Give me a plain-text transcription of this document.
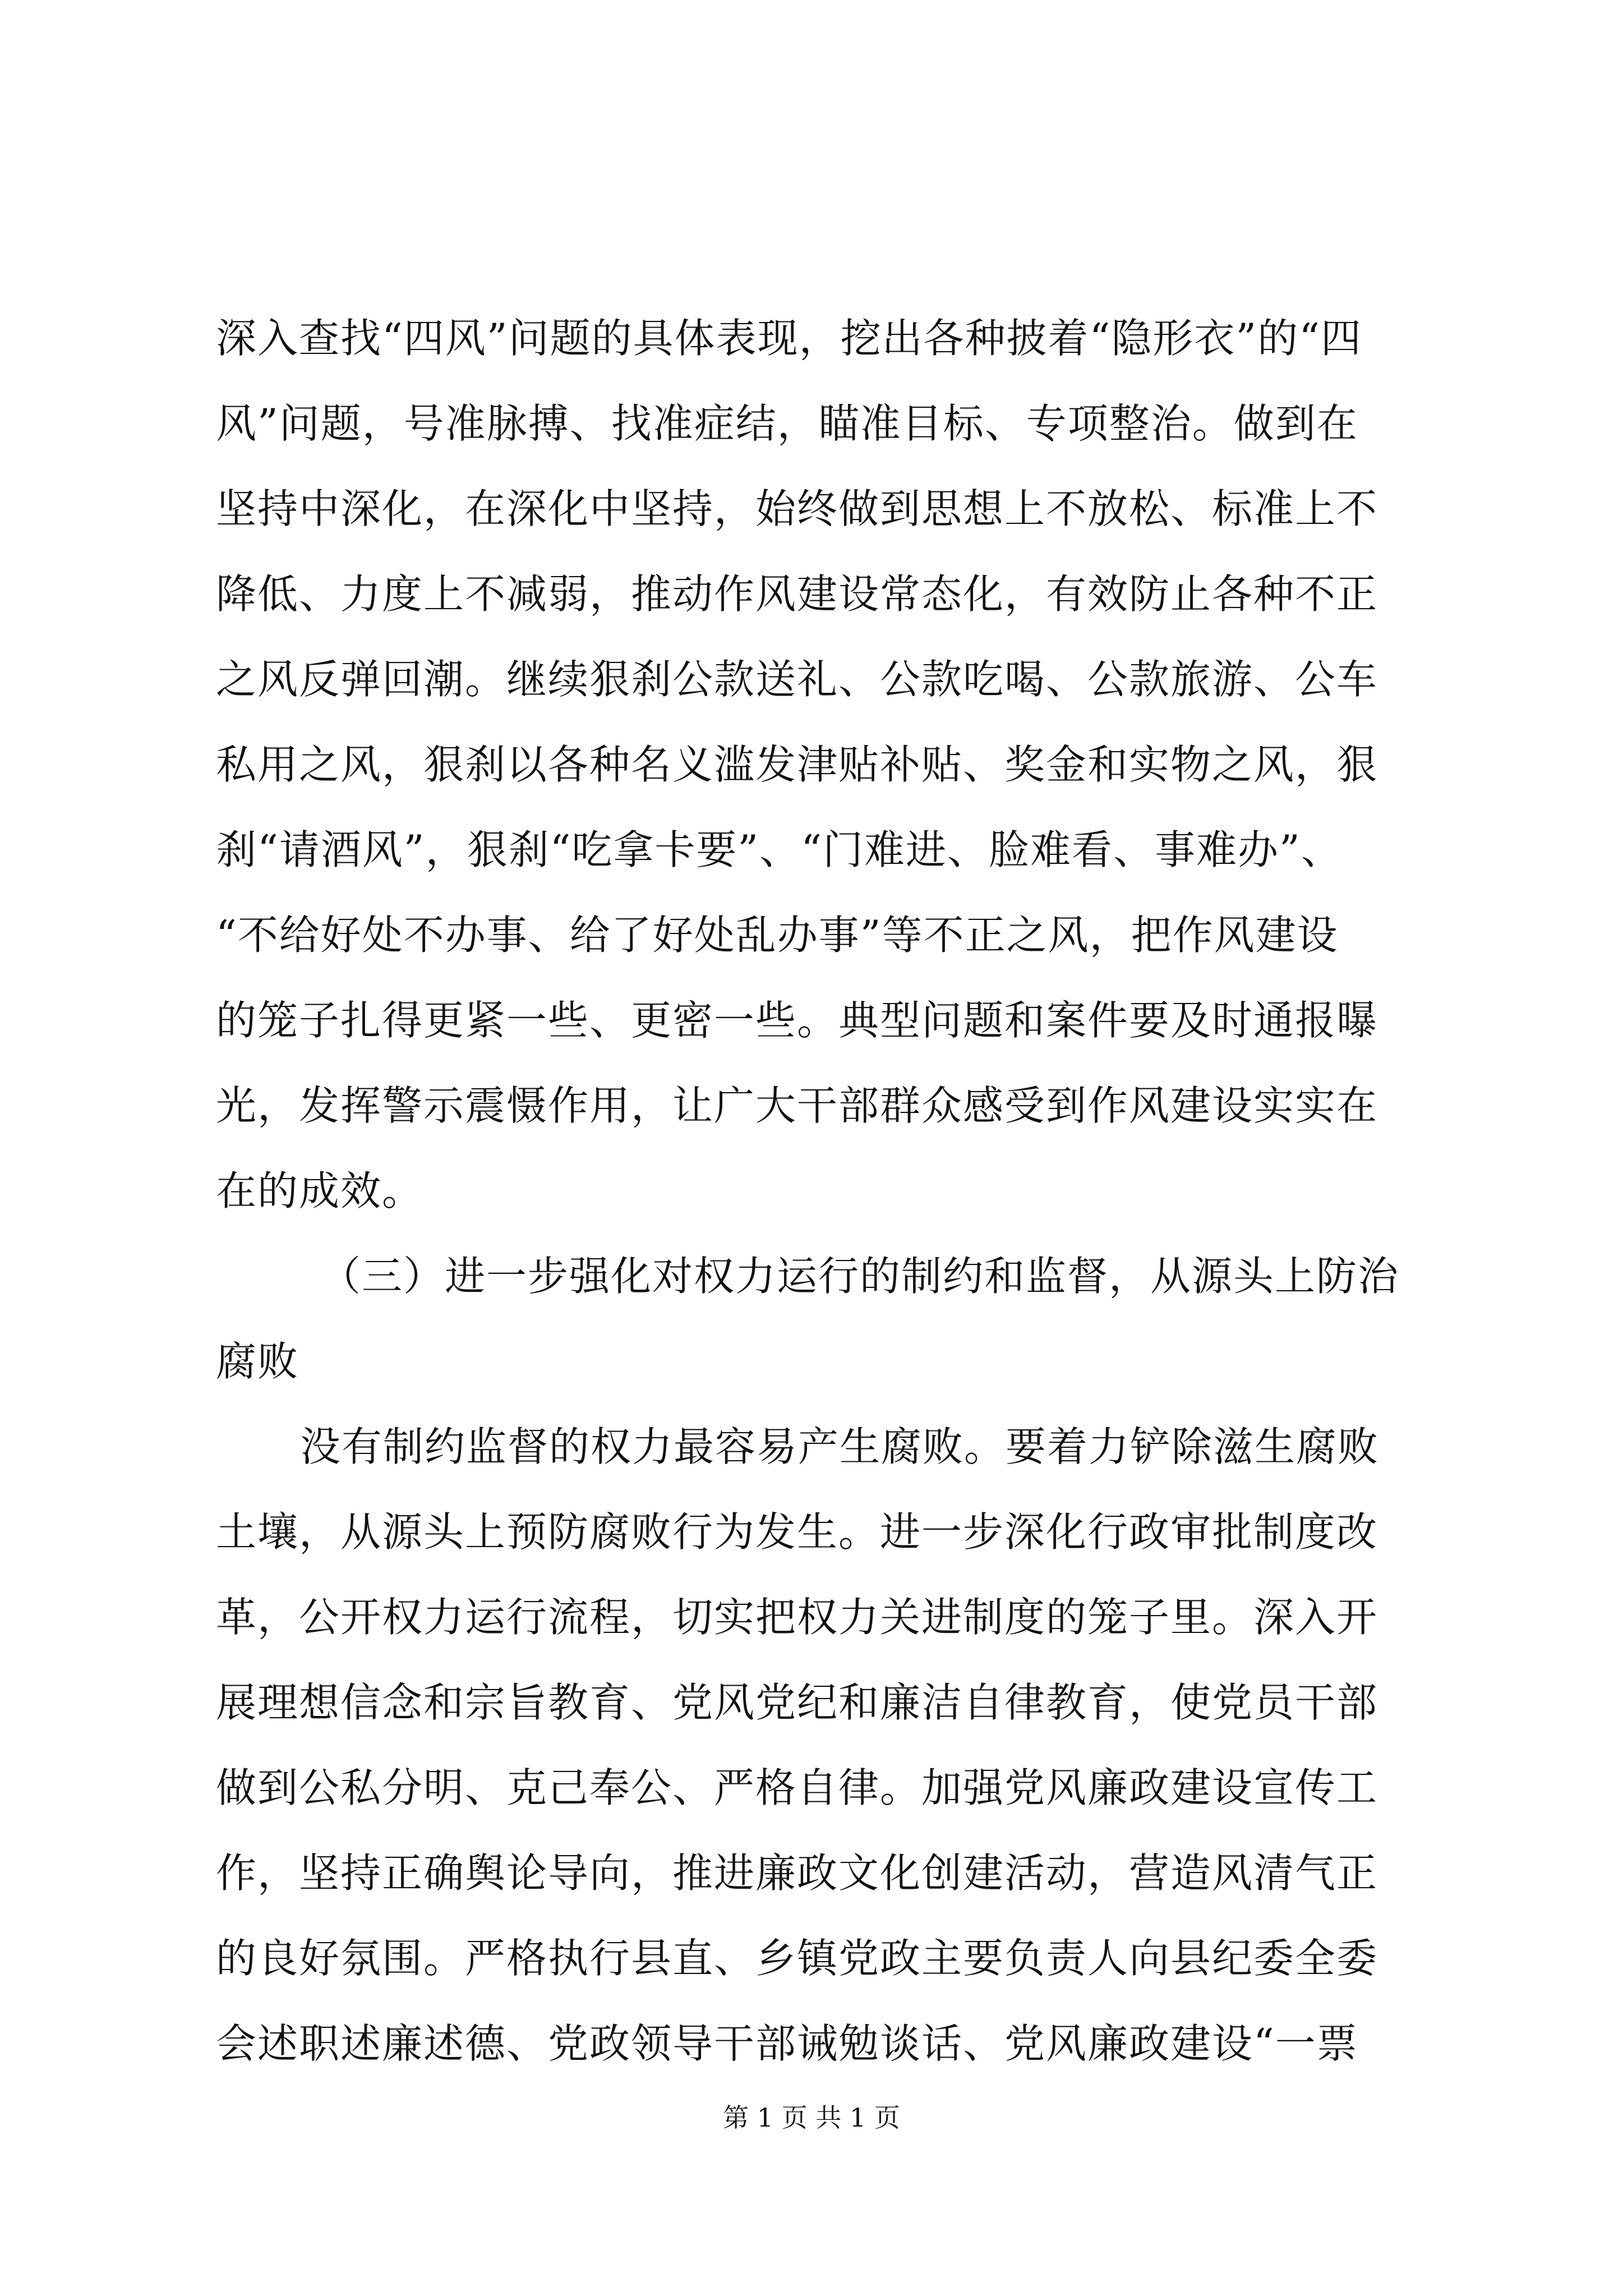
深入查找“四风”问题的具体表现，挖出各种披着“隐形衣”的“四
风”问题，号准脉搏、找准症结，瞄准目标、专项整治。做到在
坚持中深化，在深化中坚持，始终做到思想上不放松、标准上不
降低、力度上不减弱，推动作风建设常态化，有效防止各种不正
之风反弹回潮。继续狠刹公款送礼、公款吃喝、公款旅游、公车
私用之风，狠刹以各种名义滥发津贴补贴、奖金和实物之风，狠
刹“请酒风”，狠刹“吃拿卡要”、“门难进、脸难看、事难办”、
“不给好处不办事、给了好处乱办事”等不正之风，把作风建设
的笼子扎得更紧一些、更密一些。典型问题和案件要及时通报曝
光，发挥警示震慑作用，让广大干部群众感受到作风建设实实在
在的成效。
（三）进一步强化对权力运行的制约和监督，从源头上防治
腐败
没有制约监督的权力最容易产生腐败。要着力铲除滋生腐败
土壤，从源头上预防腐败行为发生。进一步深化行政审批制度改
革，公开权力运行流程，切实把权力关进制度的笼子里。深入开
展理想信念和宗旨教育、党风党纪和廉洁自律教育，使党员干部
做到公私分明、克己奉公、严格自律。加强党风廉政建设宣传工
作，坚持正确舆论导向，推进廉政文化创建活动，营造风清气正
的良好氛围。严格执行县直、乡镇党政主要负责人向县纪委全委
会述职述廉述德、党政领导干部诫勉谈话、党风廉政建设“一票
第 1 页 共 1 页
